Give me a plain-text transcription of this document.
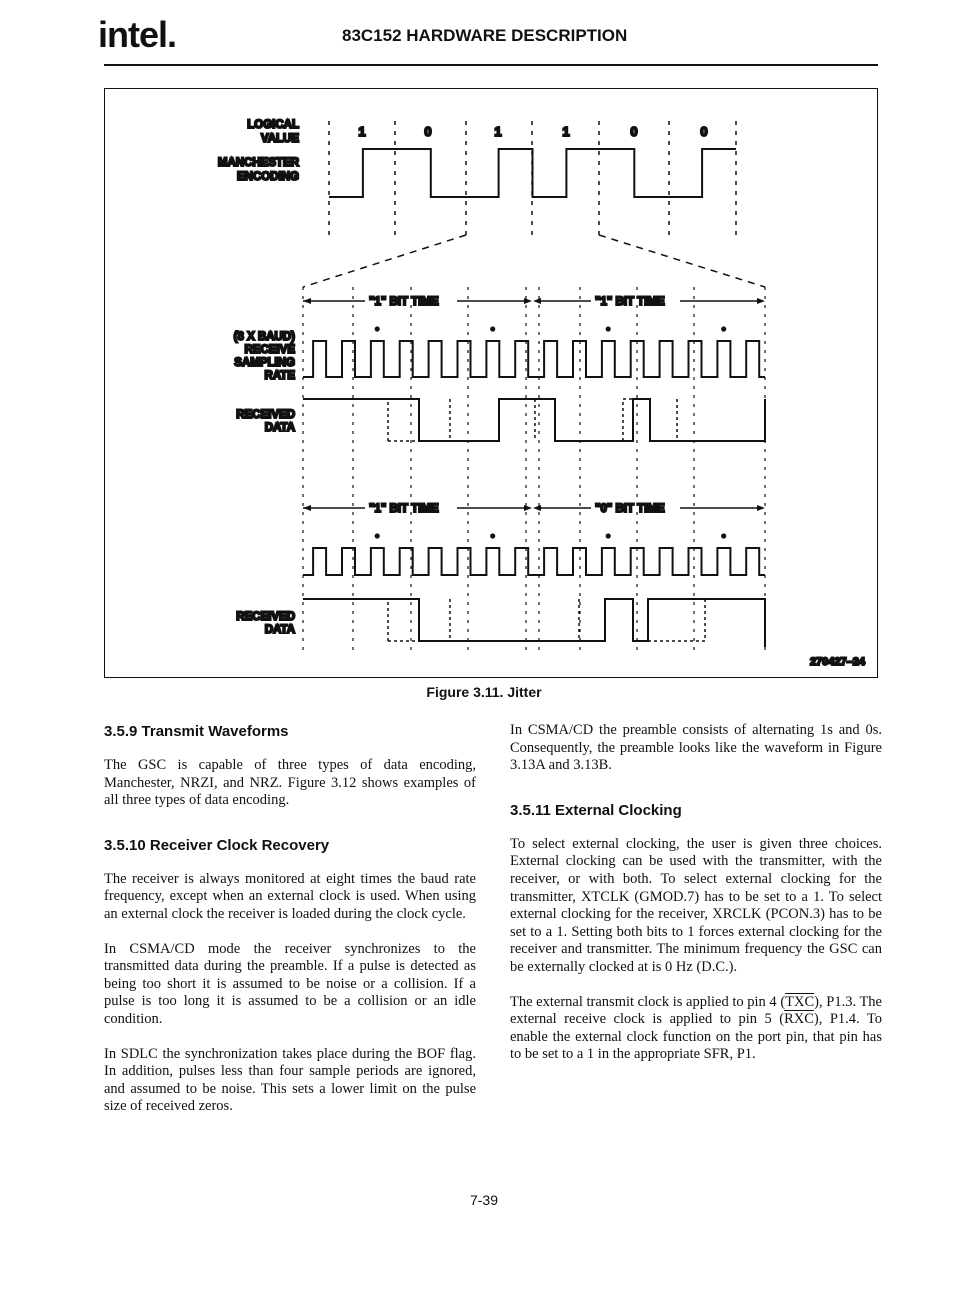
intel.	83C152 HARDWARE DESCRIPTION
LOGICAL
VALUE
MANCHESTER
ENCODING
(8 X BAUD)
RECEIVE
SAMPLING
RATE
RECEIVED
DATA
RECEIVED
DATA
1	0	1	1	0	0
"1" BIT TIME	"1" BIT TIME
"1" BIT TIME	"0" BIT TIME
270427–24
Figure 3.11. Jitter
3.5.9 Transmit Waveforms

The GSC is capable of three types of data encoding, Manchester, NRZI, and NRZ. Figure 3.12 shows examples of all three types of data encoding.

3.5.10 Receiver Clock Recovery

The receiver is always monitored at eight times the baud rate frequency, except when an external clock is used. When using an external clock the receiver is loaded during the clock cycle.

In CSMA/CD mode the receiver synchronizes to the transmitted data during the preamble. If a pulse is detected as being too short it is assumed to be noise or a collision. If a pulse is too long it is assumed to be a collision or an idle condition.

In SDLC the synchronization takes place during the BOF flag. In addition, pulses less than four sample periods are ignored, and assumed to be noise. This sets a lower limit on the pulse size of received zeros.

In CSMA/CD the preamble consists of alternating 1s and 0s. Consequently, the preamble looks like the waveform in Figure 3.13A and 3.13B.

3.5.11 External Clocking

To select external clocking, the user is given three choices. External clocking can be used with the transmitter, with the receiver, or with both. To select external clocking for the transmitter, XTCLK (GMOD.7) has to be set to a 1. To select external clocking for the receiver, XRCLK (PCON.3) has to be set to a 1. Setting both bits to 1 forces external clocking for the receiver and transmitter. The minimum frequency the GSC can be externally clocked at is 0 Hz (D.C.).

The external transmit clock is applied to pin 4 $(\overline{TXC})$, P1.3. The external receive clock is applied to pin 5 $(\overline{RXC})$, P1.4. To enable the external clock function on the port pin, that pin has to be set to a 1 in the appropriate SFR, P1.

7-39
